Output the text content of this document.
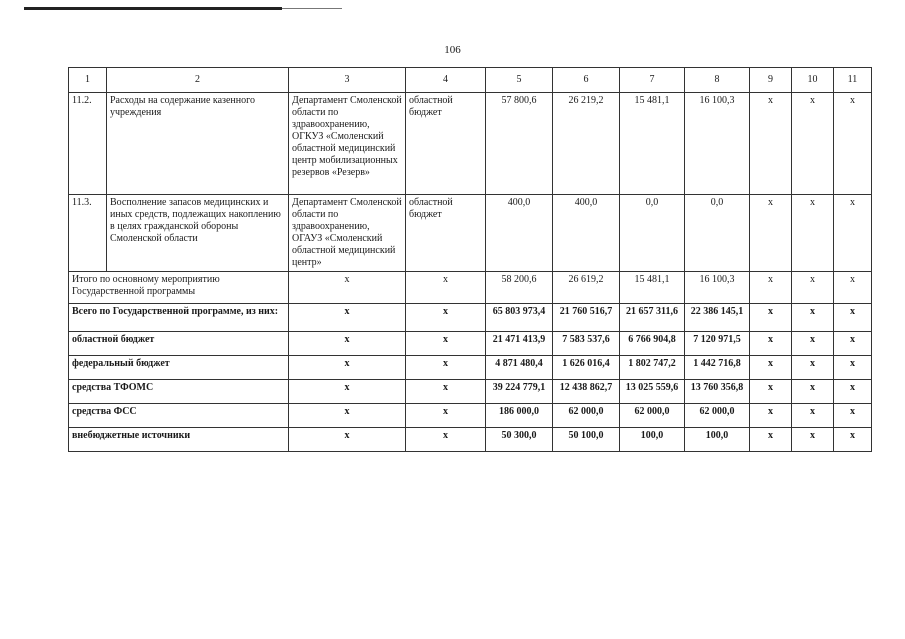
106
1	2	3	4	5	6	7	8	9	10	11
11.2.	Расходы на содержание казенного учреждения	Департамент Смоленской области по здравоохранению, ОГКУЗ «Смоленский областной медицинский центр мобилизационных резервов «Резерв»	областной бюджет	57 800,6	26 219,2	15 481,1	16 100,3	х	х	х
11.3.	Восполнение запасов медицинских и иных средств, подлежащих накоплению в целях гражданской обороны Смоленской области	Департамент Смоленской области по здравоохранению, ОГАУЗ «Смоленский областной медицинский центр»	областной бюджет	400,0	400,0	0,0	0,0	х	х	х
Итого по основному мероприятию Государственной программы		х	х	58 200,6	26 619,2	15 481,1	16 100,3	х	х	х
Всего по Государственной программе, из них:		х	х	65 803 973,4	21 760 516,7	21 657 311,6	22 386 145,1	х	х	х
областной бюджет		х	х	21 471 413,9	7 583 537,6	6 766 904,8	7 120 971,5	х	х	х
федеральный бюджет		х	х	4 871 480,4	1 626 016,4	1 802 747,2	1 442 716,8	х	х	х
средства ТФОМС		х	х	39 224 779,1	12 438 862,7	13 025 559,6	13 760 356,8	х	х	х
средства ФСС		х	х	186 000,0	62 000,0	62 000,0	62 000,0	х	х	х
внебюджетные источники		х	х	50 300,0	50 100,0	100,0	100,0	х	х	х
